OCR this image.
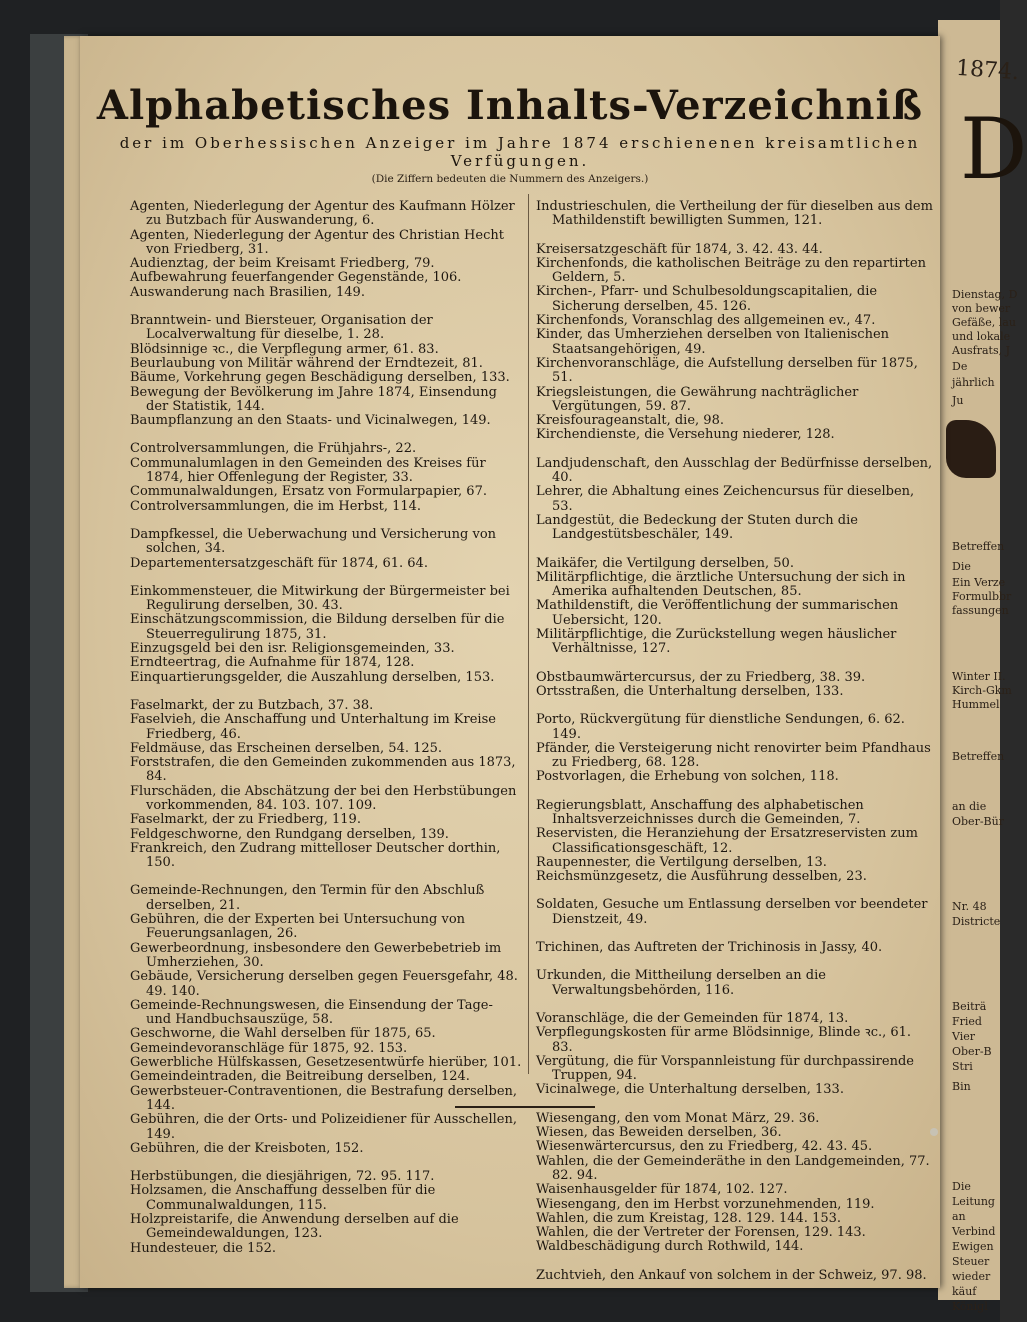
1874.
D
Dienstag, D
von bewer
Gefäße, lau
und lokale
Ausfrats, J
De
jährlich
Ju
Betreffen
Die
Ein Verze
Formulbbr
fassungen
Winter II.
Kirch-Gkm
Hummel
Betreffen
an die
Ober-Bür
Nr. 48
Districte
Beiträ
Fried
Vier
Ober-B
Stri
Bin
Die
Leitung
an
Verbind
Ewigen
Steuer
wieder
käuf
Königl
Alphabetisches Inhalts-Verzeichniß
der im Oberhessischen Anzeiger im Jahre 1874 erschienenen kreisamtlichen Verfügungen.
(Die Ziffern bedeuten die Nummern des Anzeigers.)
Agenten, Niederlegung der Agentur des Kaufmann Hölzer zu Butzbach für Auswanderung, 6.
Agenten, Niederlegung der Agentur des Christian Hecht von Friedberg, 31.
Audienztag, der beim Kreisamt Friedberg, 79.
Aufbewahrung feuerfangender Gegenstände, 106.
Auswanderung nach Brasilien, 149.
Branntwein- und Biersteuer, Organisation der Localverwaltung für dieselbe, 1. 28.
Blödsinnige ꝛc., die Verpflegung armer, 61. 83.
Beurlaubung von Militär während der Erndtezeit, 81.
Bäume, Vorkehrung gegen Beschädigung derselben, 133.
Bewegung der Bevölkerung im Jahre 1874, Einsendung der Statistik, 144.
Baumpflanzung an den Staats- und Vicinalwegen, 149.
Controlversammlungen, die Frühjahrs-, 22.
Communalumlagen in den Gemeinden des Kreises für 1874, hier Offenlegung der Register, 33.
Communalwaldungen, Ersatz von Formularpapier, 67.
Controlversammlungen, die im Herbst, 114.
Dampfkessel, die Ueberwachung und Versicherung von solchen, 34.
Departementersatzgeschäft für 1874, 61. 64.
Einkommensteuer, die Mitwirkung der Bürgermeister bei Regulirung derselben, 30. 43.
Einschätzungscommission, die Bildung derselben für die Steuerregulirung 1875, 31.
Einzugsgeld bei den isr. Religionsgemeinden, 33.
Erndteertrag, die Aufnahme für 1874, 128.
Einquartierungsgelder, die Auszahlung derselben, 153.
Faselmarkt, der zu Butzbach, 37. 38.
Faselvieh, die Anschaffung und Unterhaltung im Kreise Friedberg, 46.
Feldmäuse, das Erscheinen derselben, 54. 125.
Forststrafen, die den Gemeinden zukommenden aus 1873, 84.
Flurschäden, die Abschätzung der bei den Herbstübungen vorkommenden, 84. 103. 107. 109.
Faselmarkt, der zu Friedberg, 119.
Feldgeschworne, den Rundgang derselben, 139.
Frankreich, den Zudrang mittelloser Deutscher dorthin, 150.
Gemeinde-Rechnungen, den Termin für den Abschluß derselben, 21.
Gebühren, die der Experten bei Untersuchung von Feuerungsanlagen, 26.
Gewerbeordnung, insbesondere den Gewerbebetrieb im Umherziehen, 30.
Gebäude, Versicherung derselben gegen Feuersgefahr, 48. 49. 140.
Gemeinde-Rechnungswesen, die Einsendung der Tage- und Handbuchsauszüge, 58.
Geschworne, die Wahl derselben für 1875, 65.
Gemeindevoranschläge für 1875, 92. 153.
Gewerbliche Hülfskassen, Gesetzesentwürfe hierüber, 101.
Gemeindeintraden, die Beitreibung derselben, 124.
Gewerbsteuer-Contraventionen, die Bestrafung derselben, 144.
Gebühren, die der Orts- und Polizeidiener für Ausschellen, 149.
Gebühren, die der Kreisboten, 152.
Herbstübungen, die diesjährigen, 72. 95. 117.
Holzsamen, die Anschaffung desselben für die Communalwaldungen, 115.
Holzpreistarife, die Anwendung derselben auf die Gemeindewaldungen, 123.
Hundesteuer, die 152.
Industrieschulen, die Vertheilung der für dieselben aus dem Mathildenstift bewilligten Summen, 121.
Kreisersatzgeschäft für 1874, 3. 42. 43. 44.
Kirchenfonds, die katholischen Beiträge zu den repartirten Geldern, 5.
Kirchen-, Pfarr- und Schulbesoldungscapitalien, die Sicherung derselben, 45. 126.
Kirchenfonds, Voranschlag des allgemeinen ev., 47.
Kinder, das Umherziehen derselben von Italienischen Staatsangehörigen, 49.
Kirchenvoranschläge, die Aufstellung derselben für 1875, 51.
Kriegsleistungen, die Gewährung nachträglicher Vergütungen, 59. 87.
Kreisfourageanstalt, die, 98.
Kirchendienste, die Versehung niederer, 128.
Landjudenschaft, den Ausschlag der Bedürfnisse derselben, 40.
Lehrer, die Abhaltung eines Zeichencursus für dieselben, 53.
Landgestüt, die Bedeckung der Stuten durch die Landgestütsbeschäler, 149.
Maikäfer, die Vertilgung derselben, 50.
Militärpflichtige, die ärztliche Untersuchung der sich in Amerika aufhaltenden Deutschen, 85.
Mathildenstift, die Veröffentlichung der summarischen Uebersicht, 120.
Militärpflichtige, die Zurückstellung wegen häuslicher Verhältnisse, 127.
Obstbaumwärtercursus, der zu Friedberg, 38. 39.
Ortsstraßen, die Unterhaltung derselben, 133.
Porto, Rückvergütung für dienstliche Sendungen, 6. 62. 149.
Pfänder, die Versteigerung nicht renovirter beim Pfandhaus zu Friedberg, 68. 128.
Postvorlagen, die Erhebung von solchen, 118.
Regierungsblatt, Anschaffung des alphabetischen Inhaltsverzeichnisses durch die Gemeinden, 7.
Reservisten, die Heranziehung der Ersatzreservisten zum Classificationsgeschäft, 12.
Raupennester, die Vertilgung derselben, 13.
Reichsmünzgesetz, die Ausführung desselben, 23.
Soldaten, Gesuche um Entlassung derselben vor beendeter Dienstzeit, 49.
Trichinen, das Auftreten der Trichinosis in Jassy, 40.
Urkunden, die Mittheilung derselben an die Verwaltungsbehörden, 116.
Voranschläge, die der Gemeinden für 1874, 13.
Verpflegungskosten für arme Blödsinnige, Blinde ꝛc., 61. 83.
Vergütung, die für Vorspannleistung für durchpassirende Truppen, 94.
Vicinalwege, die Unterhaltung derselben, 133.
Wiesengang, den vom Monat März, 29. 36.
Wiesen, das Beweiden derselben, 36.
Wiesenwärtercursus, den zu Friedberg, 42. 43. 45.
Wahlen, die der Gemeinderäthe in den Landgemeinden, 77. 82. 94.
Waisenhausgelder für 1874, 102. 127.
Wiesengang, den im Herbst vorzunehmenden, 119.
Wahlen, die zum Kreistag, 128. 129. 144. 153.
Wahlen, die der Vertreter der Forensen, 129. 143.
Waldbeschädigung durch Rothwild, 144.
Zuchtvieh, den Ankauf von solchem in der Schweiz, 97. 98.
